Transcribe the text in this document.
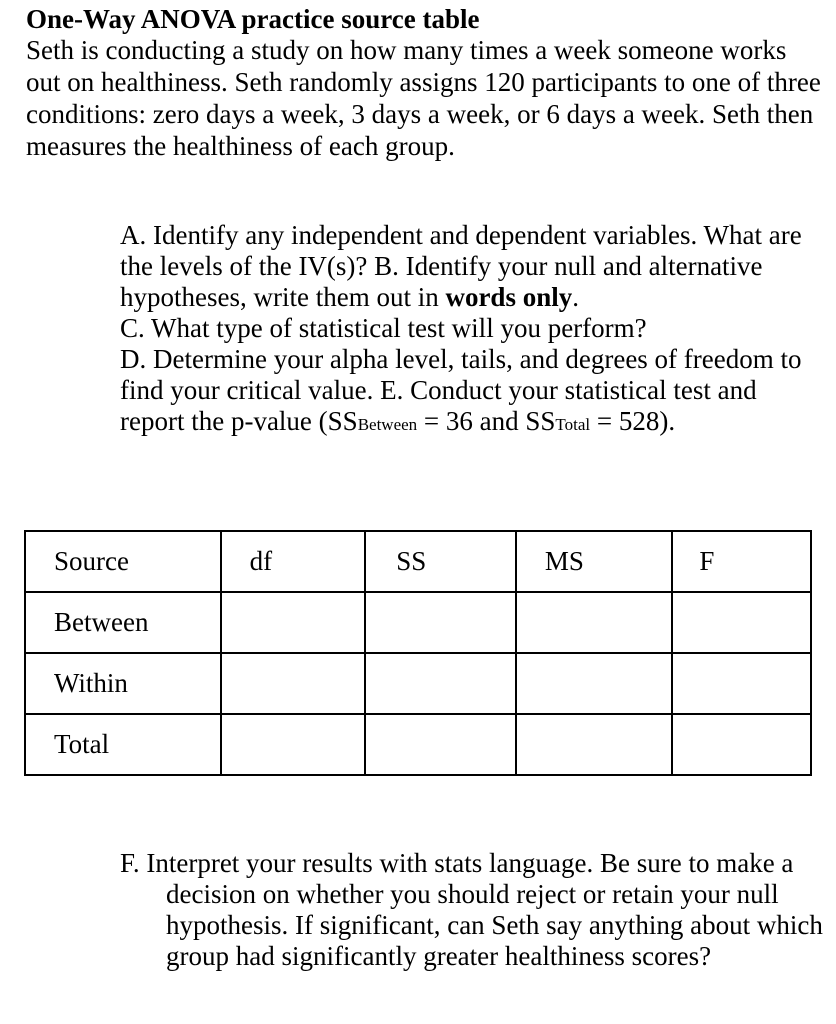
One-Way ANOVA practice source table

Seth is conducting a study on how many times a week someone works out on healthiness. Seth randomly assigns 120 participants to one of three conditions: zero days a week, 3 days a week, or 6 days a week. Seth then measures the healthiness of each group.

A. Identify any independent and dependent variables. What are the levels of the IV(s)? B. Identify your null and alternative hypotheses, write them out in words only.
C. What type of statistical test will you perform?
D. Determine your alpha level, tails, and degrees of freedom to find your critical value. E. Conduct your statistical test and report the p-value (SSBetween = 36 and SSTotal = 528).
Source	df	SS	MS	F
Between				
Within				
Total				

F. Interpret your results with stats language. Be sure to make a decision on whether you should reject or retain your null hypothesis. If significant, can Seth say anything about which group had significantly greater healthiness scores?
